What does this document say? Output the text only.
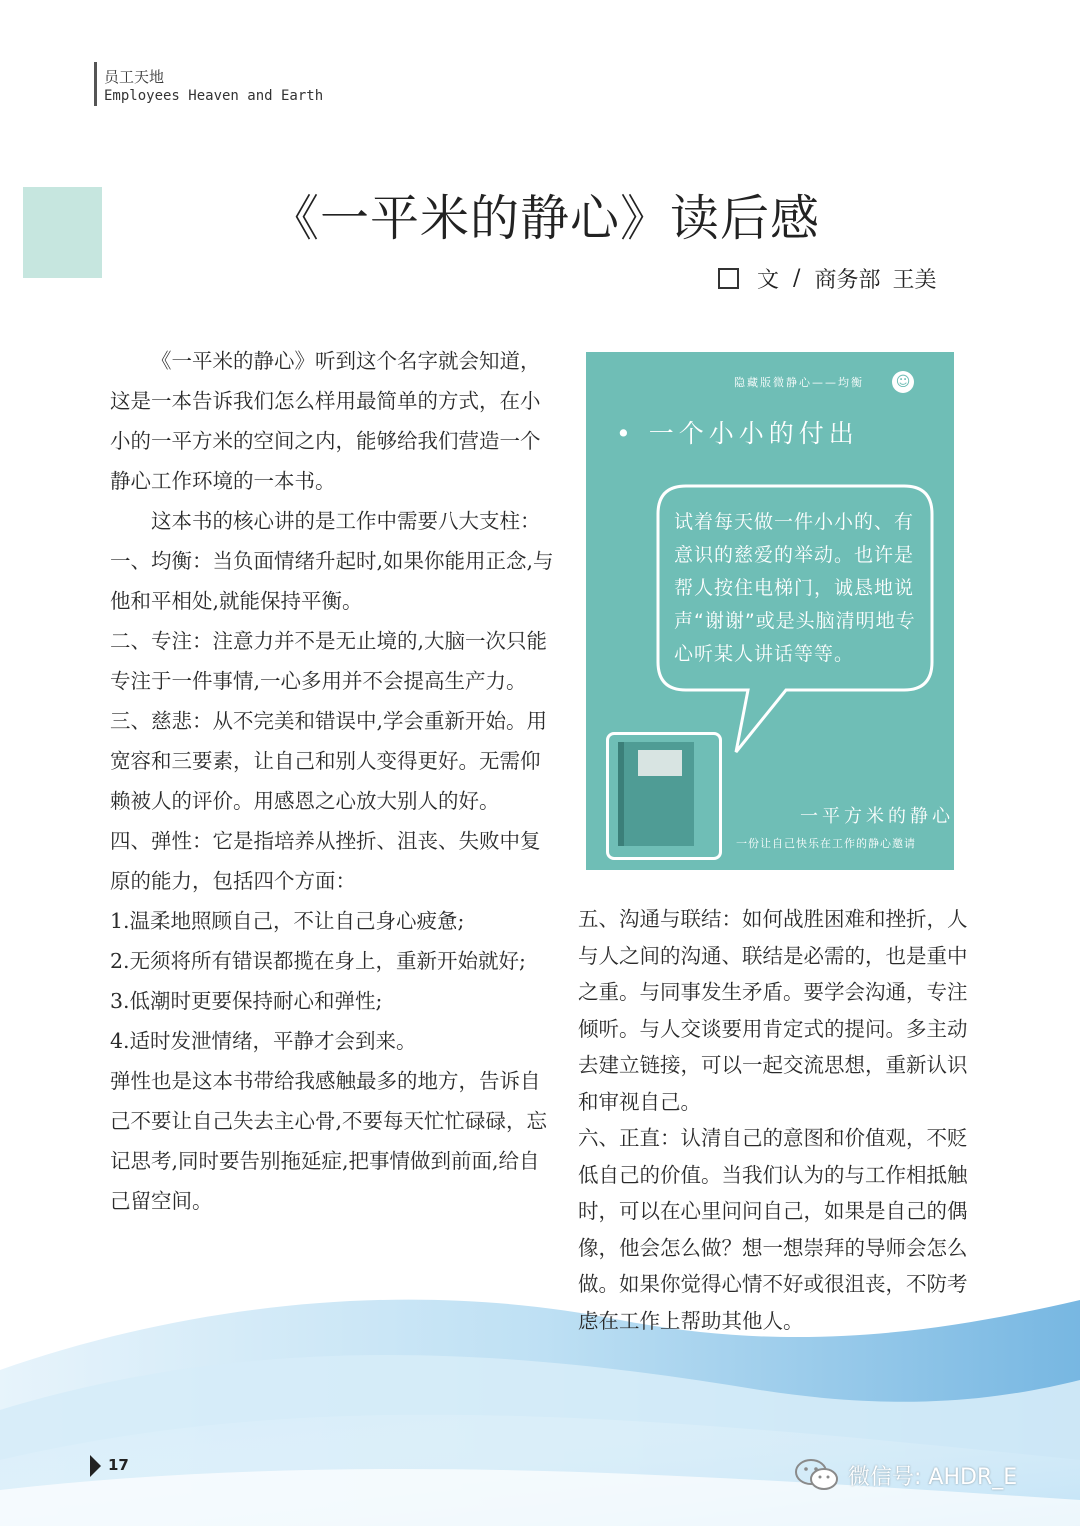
员工天地
Employees Heaven and Earth
《一平米的静心》读后感
文 / 商务部 王美

《一平米的静心》听到这个名字就会知道，这是一本告诉我们怎么样用最简单的方式，在小小的一平方米的空间之内，能够给我们营造一个静心工作环境的一本书。

这本书的核心讲的是工作中需要八大支柱：

一、均衡：当负面情绪升起时,如果你能用正念,与他和平相处,就能保持平衡。

二、专注：注意力并不是无止境的,大脑一次只能专注于一件事情,一心多用并不会提高生产力。

三、慈悲：从不完美和错误中,学会重新开始。用宽容和三要素，让自己和别人变得更好。无需仰赖被人的评价。用感恩之心放大别人的好。

四、弹性：它是指培养从挫折、沮丧、失败中复原的能力，包括四个方面：

1.温柔地照顾自己，不让自己身心疲惫;

2.无须将所有错误都揽在身上，重新开始就好;

3.低潮时更要保持耐心和弹性;

4.适时发泄情绪，平静才会到来。

弹性也是这本书带给我感触最多的地方，告诉自己不要让自己失去主心骨,不要每天忙忙碌碌，忘记思考,同时要告别拖延症,把事情做到前面,给自己留空间。

隐藏版微静心——均衡 ☺
• 一个小小的付出
试着每天做一件小小的、有意识的慈爱的举动。也许是帮人按住电梯门，诚恳地说声“谢谢”或是头脑清明地专心听某人讲话等等。
一平方米的静心
一份让自己快乐在工作的静心邀请

五、沟通与联结：如何战胜困难和挫折，人与人之间的沟通、联结是必需的，也是重中之重。与同事发生矛盾。要学会沟通，专注倾听。与人交谈要用肯定式的提问。多主动去建立链接，可以一起交流思想，重新认识和审视自己。

六、正直：认清自己的意图和价值观，不贬低自己的价值。当我们认为的与工作相抵触时，可以在心里问问自己，如果是自己的偶像，他会怎么做？想一想崇拜的导师会怎么做。如果你觉得心情不好或很沮丧，不防考虑在工作上帮助其他人。

17	微信号: AHDR_E
